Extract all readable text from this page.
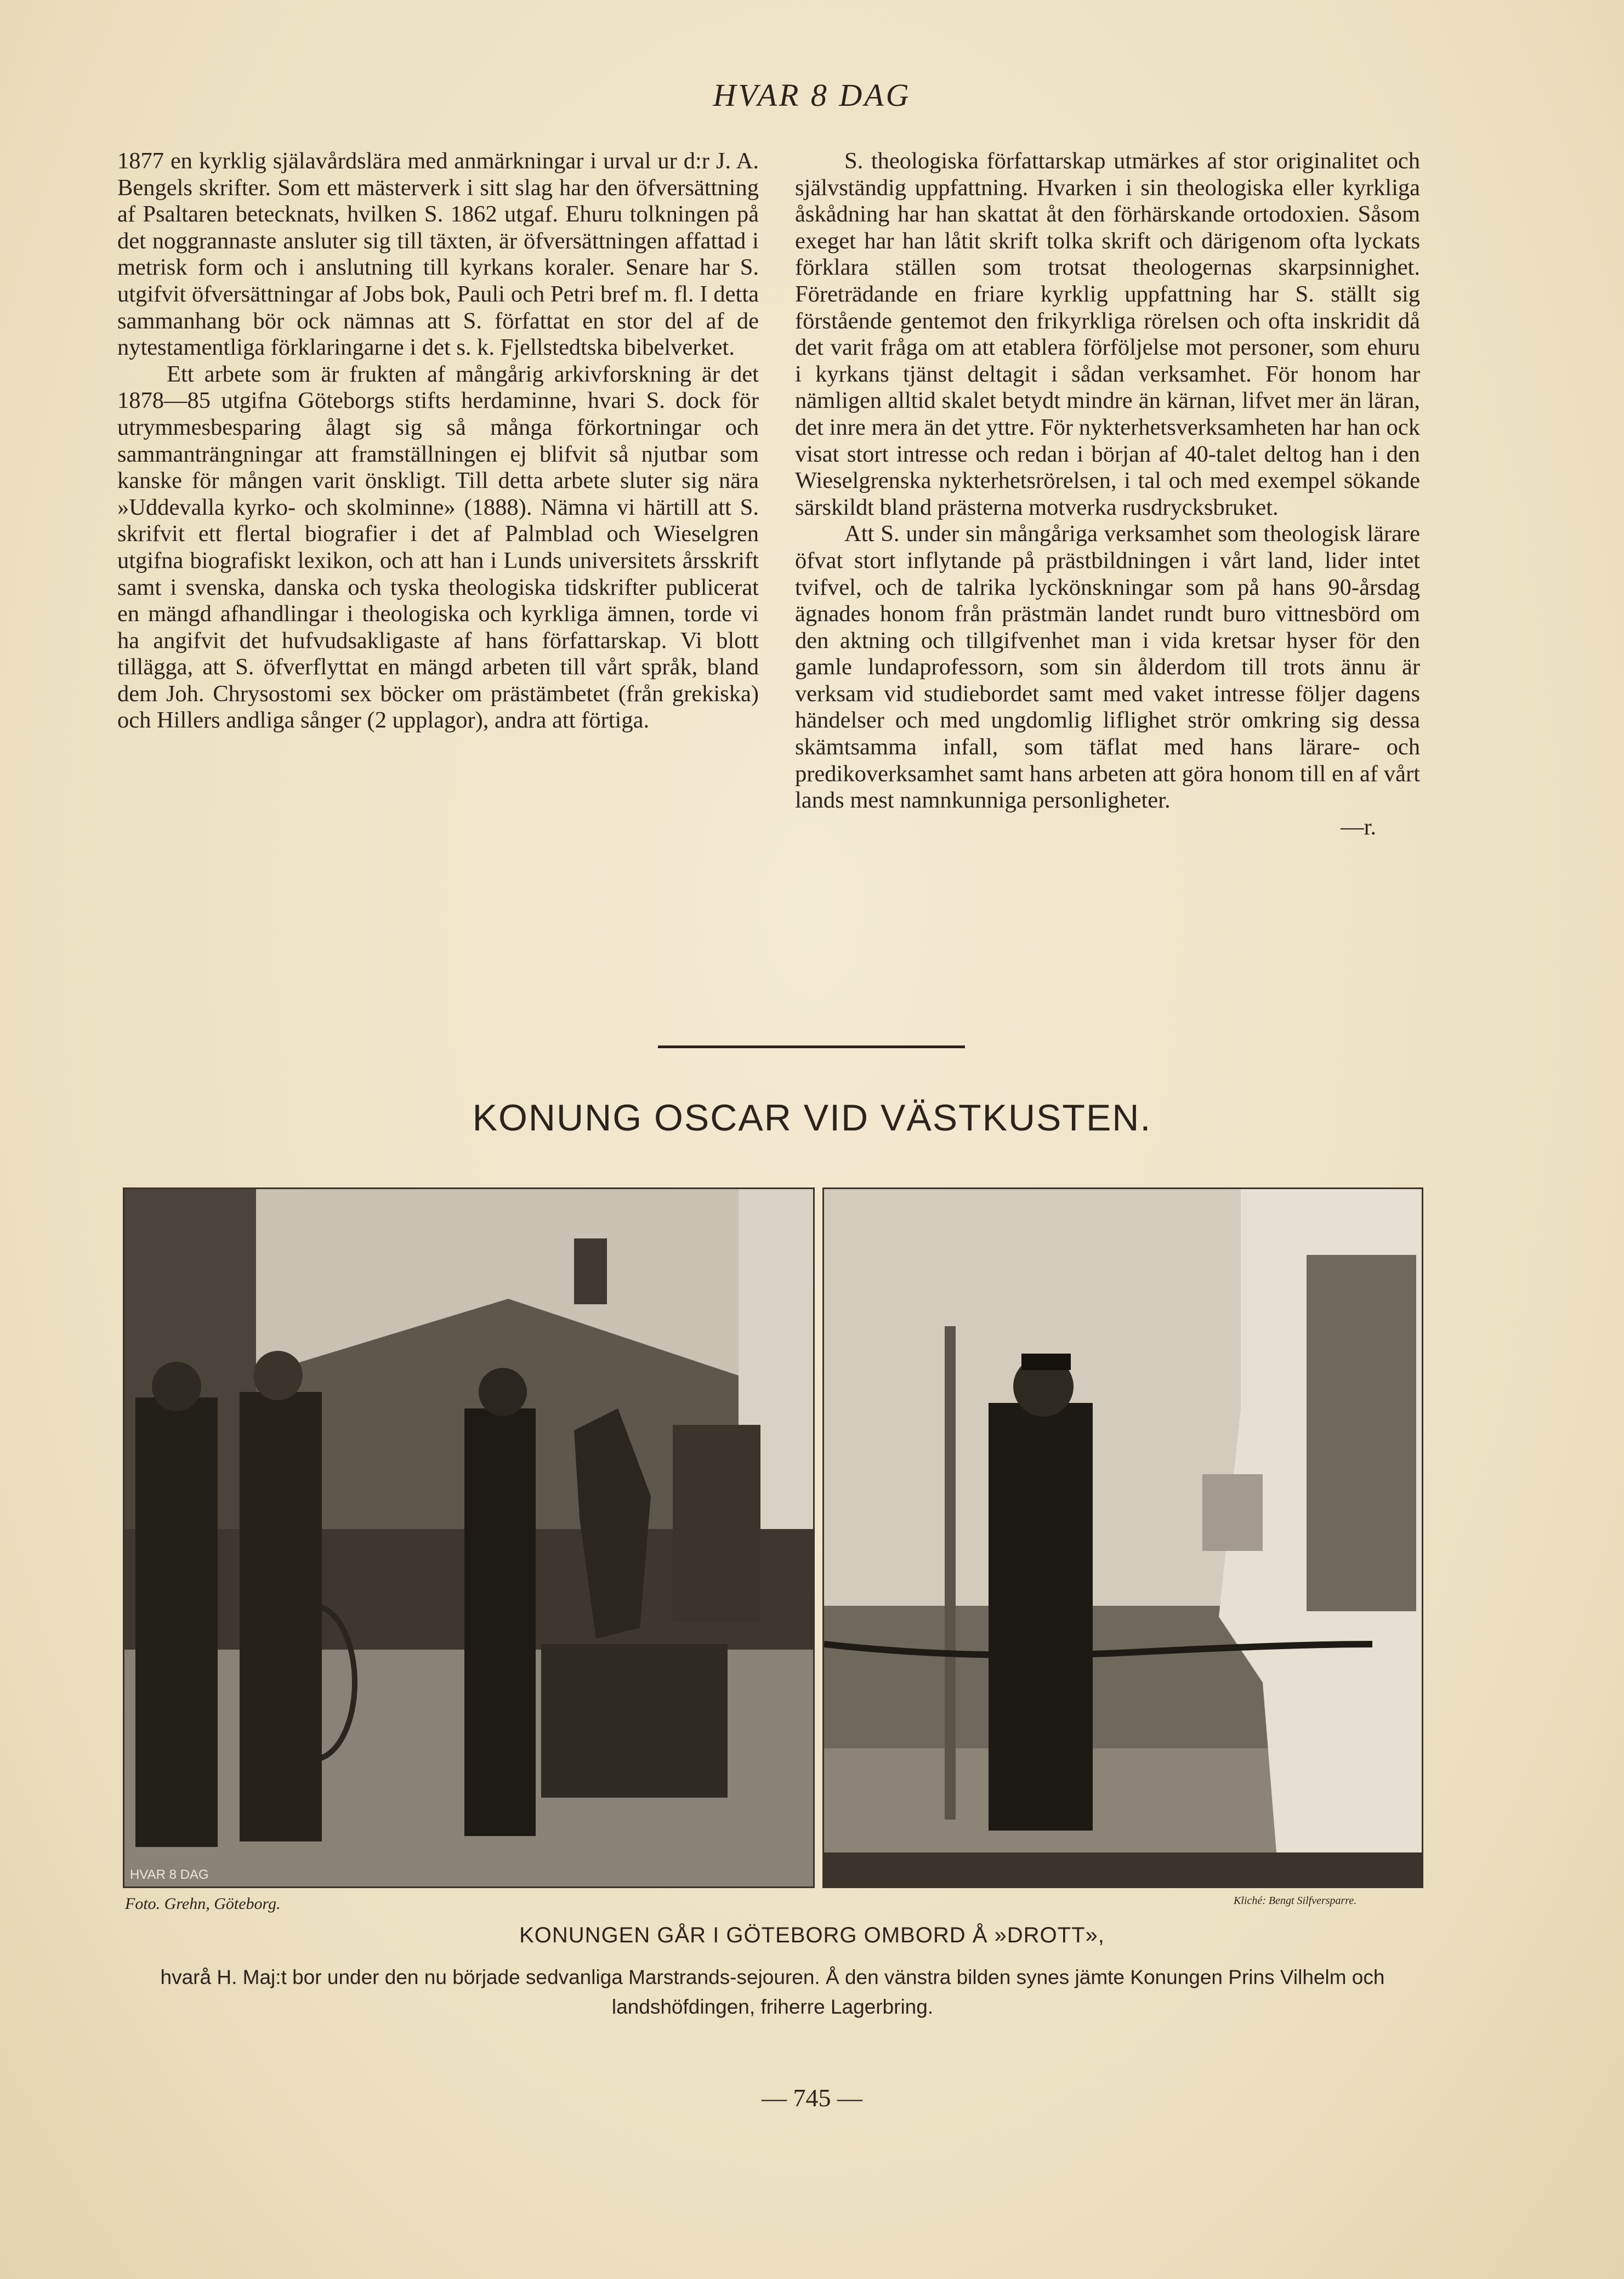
HVAR 8 DAG

1877 en kyrklig själavårdslära med anmärkningar i urval ur d:r J. A. Bengels skrifter. Som ett mästerverk i sitt slag har den öfversättning af Psaltaren betecknats, hvilken S. 1862 utgaf. Ehuru tolkningen på det noggrannaste ansluter sig till täxten, är öfversättningen affattad i metrisk form och i anslutning till kyrkans koraler. Senare har S. utgifvit öfversättningar af Jobs bok, Pauli och Petri bref m. fl. I detta sammanhang bör ock nämnas att S. författat en stor del af de nytestamentliga förklaringarne i det s. k. Fjellstedtska bibelverket.

Ett arbete som är frukten af mångårig arkivforskning är det 1878—85 utgifna Göteborgs stifts herdaminne, hvari S. dock för utrymmesbesparing ålagt sig så många förkortningar och sammanträngningar att framställningen ej blifvit så njutbar som kanske för mången varit önskligt. Till detta arbete sluter sig nära »Uddevalla kyrko- och skolminne» (1888). Nämna vi härtill att S. skrifvit ett flertal biografier i det af Palmblad och Wieselgren utgifna biografiskt lexikon, och att han i Lunds universitets årsskrift samt i svenska, danska och tyska theologiska tidskrifter publicerat en mängd afhandlingar i theologiska och kyrkliga ämnen, torde vi ha angifvit det hufvudsakligaste af hans författarskap. Vi blott tillägga, att S. öfverflyttat en mängd arbeten till vårt språk, bland dem Joh. Chrysostomi sex böcker om prästämbetet (från grekiska) och Hillers andliga sånger (2 upplagor), andra att förtiga.

S. theologiska författarskap utmärkes af stor originalitet och självständig uppfattning. Hvarken i sin theologiska eller kyrkliga åskådning har han skattat åt den förhärskande ortodoxien. Såsom exeget har han låtit skrift tolka skrift och därigenom ofta lyckats förklara ställen som trotsat theologernas skarpsinnighet. Företrädande en friare kyrklig uppfattning har S. ställt sig förstående gentemot den frikyrkliga rörelsen och ofta inskridit då det varit fråga om att etablera förföljelse mot personer, som ehuru i kyrkans tjänst deltagit i sådan verksamhet. För honom har nämligen alltid skalet betydt mindre än kärnan, lifvet mer än läran, det inre mera än det yttre. För nykterhetsverksamheten har han ock visat stort intresse och redan i början af 40-talet deltog han i den Wieselgrenska nykterhetsrörelsen, i tal och med exempel sökande särskildt bland prästerna motverka rusdrycksbruket.

Att S. under sin mångåriga verksamhet som theologisk lärare öfvat stort inflytande på prästbildningen i vårt land, lider intet tvifvel, och de talrika lyckönskningar som på hans 90-årsdag ägnades honom från prästmän landet rundt buro vittnesbörd om den aktning och tillgifvenhet man i vida kretsar hyser för den gamle lundaprofessorn, som sin ålderdom till trots ännu är verksam vid studiebordet samt med vaket intresse följer dagens händelser och med ungdomlig liflighet strör omkring sig dessa skämtsamma infall, som täflat med hans lärare- och predikoverksamhet samt hans arbeten att göra honom till en af vårt lands mest namnkunniga personligheter.

—r.

KONUNG OSCAR VID VÄSTKUSTEN.
HVAR 8 DAG
Foto. Grehn, Göteborg.	Kliché: Bengt Silfversparre.
KONUNGEN GÅR I GÖTEBORG OMBORD Å »DROTT»,
hvarå H. Maj:t bor under den nu började sedvanliga Marstrands-sejouren. Å den vänstra bilden synes jämte Konungen Prins Vilhelm och landshöfdingen, friherre Lagerbring.
— 745 —
